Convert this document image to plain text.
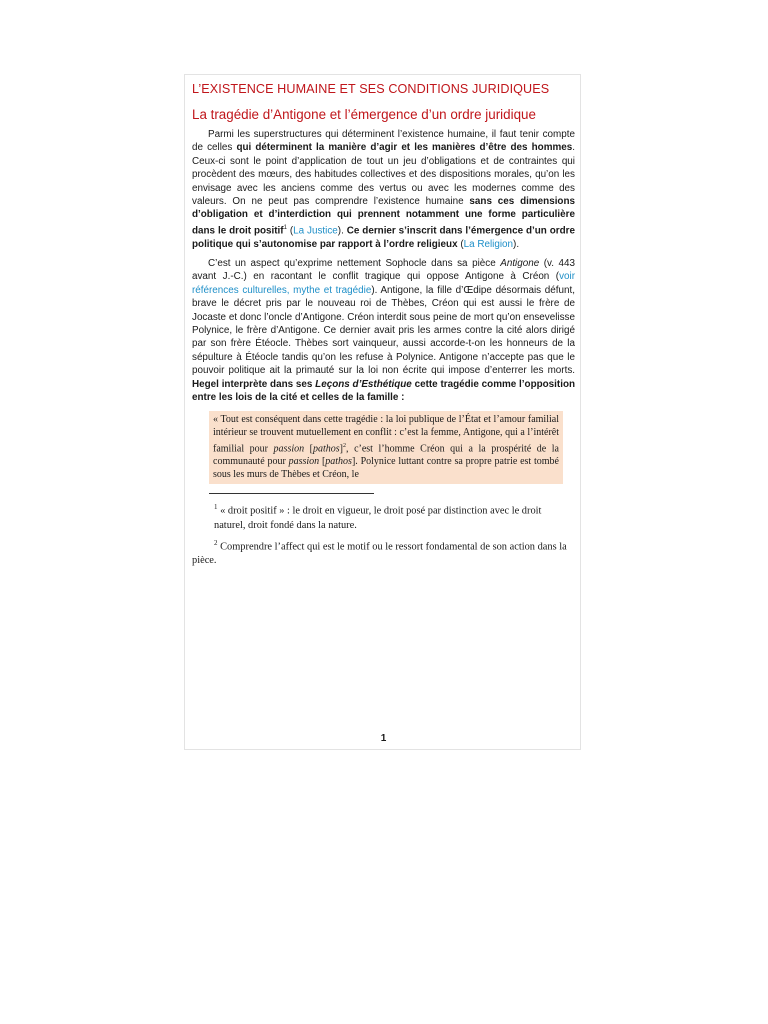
L’EXISTENCE HUMAINE ET SES CONDITIONS JURIDIQUES
La tragédie d’Antigone et l’émergence d’un ordre juridique

Parmi les superstructures qui déterminent l’existence humaine, il faut tenir compte de celles qui déterminent la manière d’agir et les manières d’être des hommes. Ceux-ci sont le point d’application de tout un jeu d’obligations et de contraintes qui procèdent des mœurs, des habitudes collectives et des dispositions morales, qu’on les envisage avec les anciens comme des vertus ou avec les modernes comme des valeurs. On ne peut pas comprendre l’existence humaine sans ces dimensions d’obligation et d’interdiction qui prennent notamment une forme particulière dans le droit positif$^1$ (La Justice). Ce dernier s’inscrit dans l’émergence d’un ordre politique qui s’autonomise par rapport à l’ordre religieux (La Religion).

C’est un aspect qu’exprime nettement Sophocle dans sa pièce Antigone (v. 443 avant J.-C.) en racontant le conflit tragique qui oppose Antigone à Créon (voir références culturelles, mythe et tragédie). Antigone, la fille d’Œdipe désormais défunt, brave le décret pris par le nouveau roi de Thèbes, Créon qui est aussi le frère de Jocaste et donc l’oncle d’Antigone. Créon interdit sous peine de mort qu’on ensevelisse Polynice, le frère d’Antigone. Ce dernier avait pris les armes contre la cité alors dirigé par son frère Étéocle. Thèbes sort vainqueur, aussi accorde-t-on les honneurs de la sépulture à Étéocle tandis qu’on les refuse à Polynice. Antigone n’accepte pas que le pouvoir politique ait la primauté sur la loi non écrite qui impose d’enterrer les morts. Hegel interprète dans ses Leçons d’Esthétique cette tragédie comme l’opposition entre les lois de la cité et celles de la famille :

« Tout est conséquent dans cette tragédie : la loi publique de l’État et l’amour familial intérieur se trouvent mutuellement en conflit : c’est la femme, Antigone, qui a l’intérêt familial pour passion [pathos]$^2$, c’est l’homme Créon qui a la prospérité de la communauté pour passion [pathos]. Polynice luttant contre sa propre patrie est tombé sous les murs de Thèbes et Créon, le

$^1$ « droit positif » : le droit en vigueur, le droit posé par distinction avec le droit naturel, droit fondé dans la nature.

$^2$ Comprendre l’affect qui est le motif ou le ressort fondamental de son action dans la pièce.

1
